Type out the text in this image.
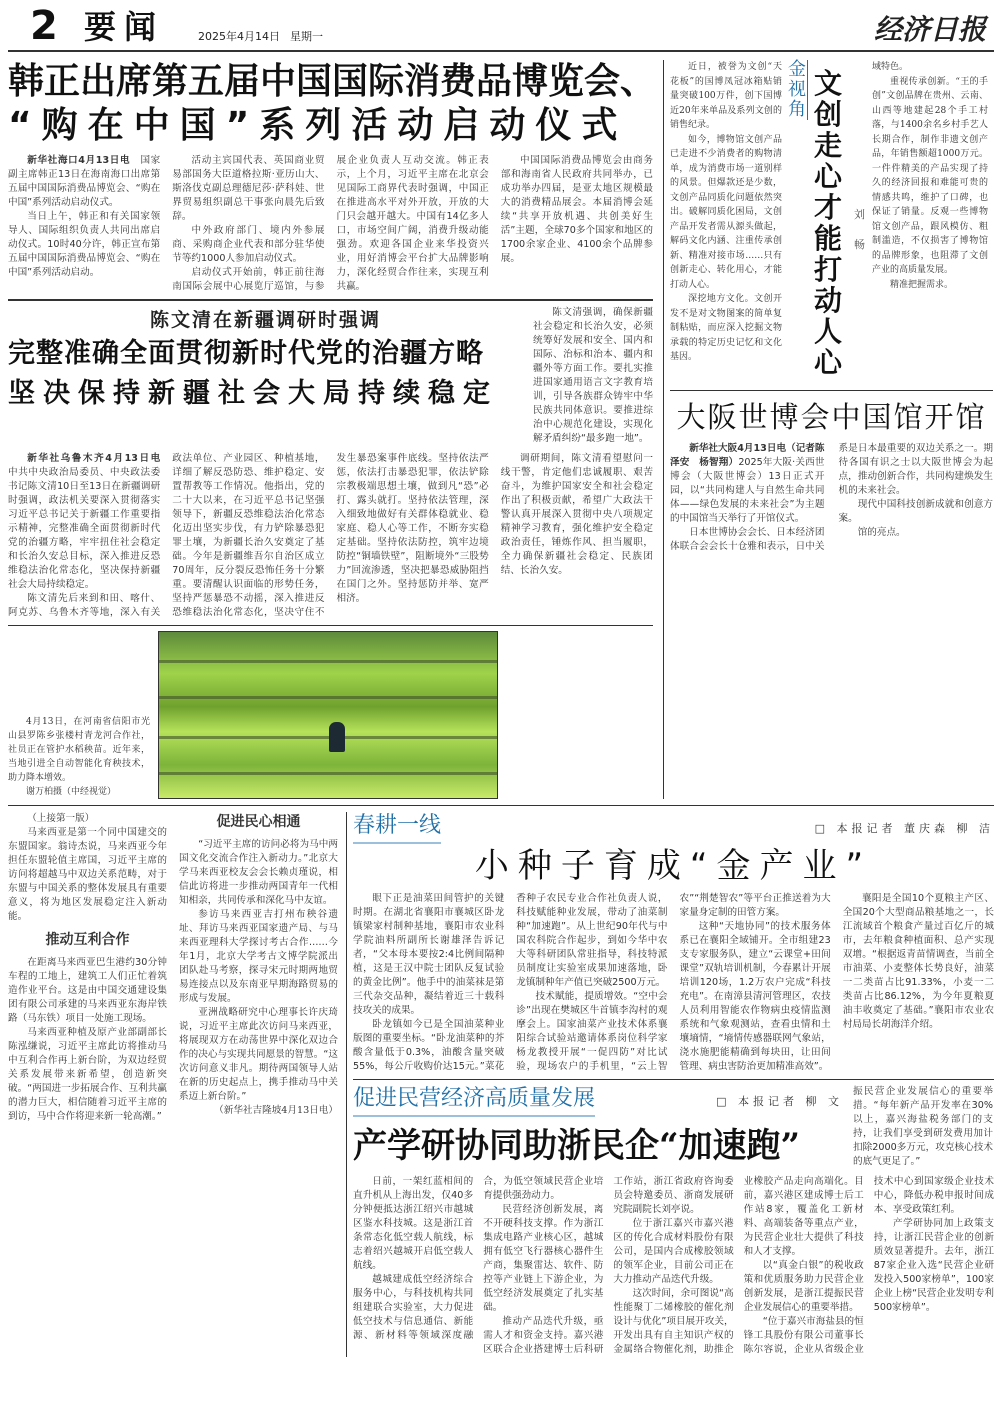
2 要闻	2025年4月14日 星期一	经济日报
韩正出席第五届中国国际消费品博览会、
“购在中国”系列活动启动仪式

新华社海口4月13日电　 国家副主席韩正13日在海南海口出席第五届中国国际消费品博览会、“购在中国”系列活动启动仪式。

当日上午，韩正和有关国家领导人、国际组织负责人共同出席启动仪式。10时40分许，韩正宣布第五届中国国际消费品博览会、“购在中国”系列活动启动。

活动主宾国代表、英国商业贸易部国务大臣道格拉斯·亚历山大、斯洛伐克副总理德尼莎·萨科娃、世界贸易组织副总干事张向晨先后致辞。

中外政府部门、境内外参展商、采购商企业代表和部分驻华使节等约1000人参加启动仪式。

启动仪式开始前，韩正前往海南国际会展中心展览厅巡馆，与参展企业负责人互动交流。韩正表示，上个月，习近平主席在北京会见国际工商界代表时强调，中国正在推进高水平对外开放，开放的大门只会越开越大。中国有14亿多人口，市场空间广阔，消费升级动能强劲。欢迎各国企业来华投资兴业，用好消博会平台扩大品牌影响力，深化经贸合作往来，实现互利共赢。

中国国际消费品博览会由商务部和海南省人民政府共同举办，已成功举办四届，是亚太地区规模最大的消费精品展会。本届消博会延续“共享开放机遇、共创美好生活”主题，全球70多个国家和地区的1700余家企业、4100余个品牌参展。

陈文清在新疆调研时强调
完整准确全面贯彻新时代党的治疆方略
坚决保持新疆社会大局持续稳定
陈文清强调，确保新疆社会稳定和长治久安，必须统筹好发展和安全、国内和国际、治标和治本、疆内和疆外等方面工作。要扎实推进国家通用语言文字教育培训，引导各族群众铸牢中华民族共同体意识。要推进综治中心规范化建设，实现化解矛盾纠纷“最多跑一地”。

新华社乌鲁木齐4月13日电　中共中央政治局委员、中央政法委书记陈文清10日至13日在新疆调研时强调，政法机关要深入贯彻落实习近平总书记关于新疆工作重要指示精神，完整准确全面贯彻新时代党的治疆方略，牢牢扭住社会稳定和长治久安总目标，深入推进反恐维稳法治化常态化，坚决保持新疆社会大局持续稳定。

陈文清先后来到和田、喀什、阿克苏、乌鲁木齐等地，深入有关政法单位、产业园区、种植基地，详细了解反恐防恐、维护稳定、安置帮教等工作情况。他指出，党的二十大以来，在习近平总书记坚强领导下，新疆反恐维稳法治化常态化迈出坚实步伐，有力铲除暴恐犯罪土壤，为新疆长治久安奠定了基础。今年是新疆维吾尔自治区成立70周年，反分裂反恐怖任务十分繁重。要清醒认识面临的形势任务，坚持严惩暴恐不动摇，深入推进反恐维稳法治化常态化，坚决守住不发生暴恐案事件底线。坚持依法严惩，依法打击暴恐犯罪，依法铲除宗教极端思想土壤，做到凡“恐”必打、露头就打。坚持依法管理，深入细致地做好有关群体稳就业、稳家庭、稳人心等工作，不断夯实稳定基础。坚持依法防控，筑牢边境防控“铜墙铁壁”，阻断境外“三股势力”回流渗透，坚决把暴恐威胁阻挡在国门之外。坚持惩防并举、宽严相济。

调研期间，陈文清看望慰问一线干警，肯定他们忠诚履职、艰苦奋斗，为维护国家安全和社会稳定作出了积极贡献，希望广大政法干警认真开展深入贯彻中央八项规定精神学习教育，强化维护安全稳定政治责任，锤炼作风、担当履职，全力确保新疆社会稳定、民族团结、长治久安。

4月13日，在河南省信阳市光山县罗陈乡张楼村青龙河合作社，社员正在管护水稻秧苗。近年来，当地引进全自动智能化育秧技术，助力降本增效。

谢万柏摄（中经视觉）

近日，被誉为文创“天花板”的国博凤冠冰箱贴销量突破100万件，创下国博近20年来单品及系列文创的销售纪录。

如今，博物馆文创产品已走进不少消费者的购物清单，成为消费市场一道别样的风景。但爆款还是少数，文创产品同质化问题依然突出。破解同质化困局，文创产品开发者需从源头做起，解码文化内涵、注重传承创新、精准对接市场……只有创新走心、转化用心，才能打动人心。

深挖地方文化。文创开发不是对文物图案的简单复制粘贴，而应深入挖掘文物承载的特定历史记忆和文化基因。

金视角
文创走心才能打动人心
刘畅

域特色。

重视传承创新。“王的手创”文创品牌在贵州、云南、山西等地建起28个手工村落，与1400余名乡村手艺人长期合作，制作非遗文创产品，年销售额超1000万元。一件件精美的产品实现了持久的经济回报和难能可贵的情感共鸣，维护了口碑，也保证了销量。反观一些博物馆文创产品，跟风模仿、粗制滥造，不仅损害了博物馆的品牌形象，也阻滞了文创产业的高质量发展。

精准把握需求。

大阪世博会中国馆开馆

新华社大阪4月13日电（记者陈泽安　杨智翔）2025年大阪·关西世博会（大阪世博会）13日正式开园，以“共同构建人与自然生命共同体——绿色发展的未来社会”为主题的中国馆当天举行了开馆仪式。

日本世博协会会长、日本经济团体联合会会长十仓雅和表示，日中关系是日本最重要的双边关系之一。期待各国有识之士以大阪世博会为起点，推动创新合作，共同构建焕发生机的未来社会。

现代中国科技创新成就和创意方案。

馆的亮点。

（上接第一版）

马来西亚是第一个同中国建交的东盟国家。翁诗杰说，马来西亚今年担任东盟轮值主席国，习近平主席的访问将超越马中双边关系范畴，对于东盟与中国关系的整体发展具有重要意义，将为地区发展稳定注入新动能。

推动互利合作

在距离马来西亚巴生港约30分钟车程的工地上，建筑工人们正忙着筑造作业平台。这是由中国交通建设集团有限公司承建的马来西亚东海岸铁路（马东铁）项目一处施工现场。

马来西亚种植及原产业部副部长陈泓缣说，习近平主席此访将推动马中互利合作再上新台阶，为双边经贸关系发展带来新希望，创造新突破。“两国进一步拓展合作、互利共赢的潜力巨大，相信随着习近平主席的到访，马中合作将迎来新一轮高潮。”

促进民心相通

“习近平主席的访问必将为马中两国文化交流合作注入新动力。”北京大学马来西亚校友会会长赖贞瑾说，相信此访将进一步推动两国青年一代相知相亲，共同传承和深化马中友谊。

参访马来西亚吉打州布秧谷遗址、拜访马来西亚国家遗产局、与马来西亚理科大学探讨考古合作……今年1月，北京大学考古文博学院派出团队赴马考察，探寻宋元时期两地贸易连接点以及东南亚早期海路贸易的形成与发展。

亚洲战略研究中心理事长许庆琦说，习近平主席此次访问马来西亚，将展现双方在动荡世界中深化双边合作的决心与实现共同愿景的智慧。“这次访问意义非凡。期待两国领导人站在新的历史起点上，携手推动马中关系迈上新台阶。”

（新华社吉隆坡4月13日电）

春耕一线	□ 本报记者 董庆森 柳 洁
小种子育成“金产业”

眼下正是油菜田间管护的关键时期。在湖北省襄阳市襄城区卧龙镇梁家村制种基地，襄阳市农业科学院油料所副所长谢雄泽告诉记者，“父本母本要按2:4比例间隔种植，这是王汉中院士团队反复试验的黄金比例”。他手中的油菜袜是第三代杂交品种，凝结着近三十载科技攻关的成果。

卧龙镇如今已是全国油菜种业版图的重要坐标。“卧龙油菜种的芥酸含量低于0.3%，油酸含量突破55%，每公斤收购价达15元。”菜花香种子农民专业合作社负责人说，科技赋能种业发展，带动了油菜制种“加速跑”。从上世纪90年代与中国农科院合作起步，到如今华中农大等科研团队常驻指导，科技特派员制度让实验室成果加速落地，卧龙镇制种年产值已突破2500万元。

技术赋能，提质增效。“空中会诊”出现在樊城区牛首镇李沟村的观摩会上。国家油菜产业技术体系襄阳综合试验站邀请体系岗位科学家杨龙教授开展“一促四防”对比试验，现场农户的手机里，“云上智农”“荆楚智农”等平台正推送着为大家量身定制的田管方案。

这种“天地协同”的技术服务体系已在襄阳全域铺开。全市组建23支专家服务队，建立“云课堂+田间课堂”双轨培训机制，今春累计开展培训120场，1.2万农户完成“科技充电”。在南漳县清河管理区，农技人员利用智能农作物病虫疫情监测系统和气象观测站，查看虫情和土壤墒情，“墒情传感器联网气象站，浇水施肥能精确到每块田，让田间管理、病虫害防治更加精准高效”。

襄阳是全国10个夏粮主产区、全国20个大型商品粮基地之一，长江流域首个粮食产量过百亿斤的城市，去年粮食种植面积、总产实现双增。“根据返青苗情调查，当前全市油菜、小麦整体长势良好，油菜一二类苗占比91.33%，小麦一二类苗占比86.12%，为今年夏粮夏油丰收奠定了基础。”襄阳市农业农村局局长胡海洋介绍。

促进民营经济高质量发展	□ 本报记者 柳 文
产学研协同助浙民企“加速跑”
振民营企业发展信心的重要举措。“每年新产品开发率在30%以上，嘉兴海盐税务部门的支持，让我们享受到研发费用加计扣除2000多万元，攻克核心技术的底气更足了。”

日前，一架红蓝相间的直升机从上海出发，仅40多分钟便抵达浙江绍兴市越城区鉴水科技城。这是浙江首条常态化低空载人航线，标志着绍兴越城开启低空载人航线。

越城建成低空经济综合服务中心，与科技机构共同组建联合实验室，大力促进低空技术与信息通信、新能源、新材料等领域深度融合，为低空领域民营企业培育提供强劲动力。

民营经济创新发展，离不开硬科技支撑。作为浙江集成电路产业核心区，越城拥有低空飞行器核心器件生产商，集聚雷达、软件、防控等产业链上下游企业，为低空经济发展奠定了扎实基础。

推动产品迭代升级，亟需人才和资金支持。嘉兴港区联合企业搭建博士后科研工作站，浙江省政府咨询委员会特邀委员、浙商发展研究院副院长刘亭说。

位于浙江嘉兴市嘉兴港区的传化合成材料股份有限公司，是国内合成橡胶领域的领军企业，目前公司正在大力推动产品迭代升级。

这次时间，余可图说“高性能聚丁二烯橡胶的催化剂设计与优化”项目展开攻关，开发出具有自主知识产权的金属络合物催化剂，助推企业橡胶产品走向高端化。目前，嘉兴港区建成博士后工作站8家，覆盖化工新材料、高端装备等重点产业，为民营企业壮大提供了科技和人才支撑。

以“真金白银”的税收政策和优质服务助力民营企业创新发展，是浙江提振民营企业发展信心的重要举措。

“位于嘉兴市海盐县的恒锋工具股份有限公司董事长陈尔容说，企业从省级企业技术中心到国家级企业技术中心，降低办税申报时间成本、享受政策红利。

产学研协同加上政策支持，让浙江民营企业的创新质效显著提升。去年，浙江87家企业入选“民营企业研发投入500家榜单”，100家企业上榜“民营企业发明专利500家榜单”。
